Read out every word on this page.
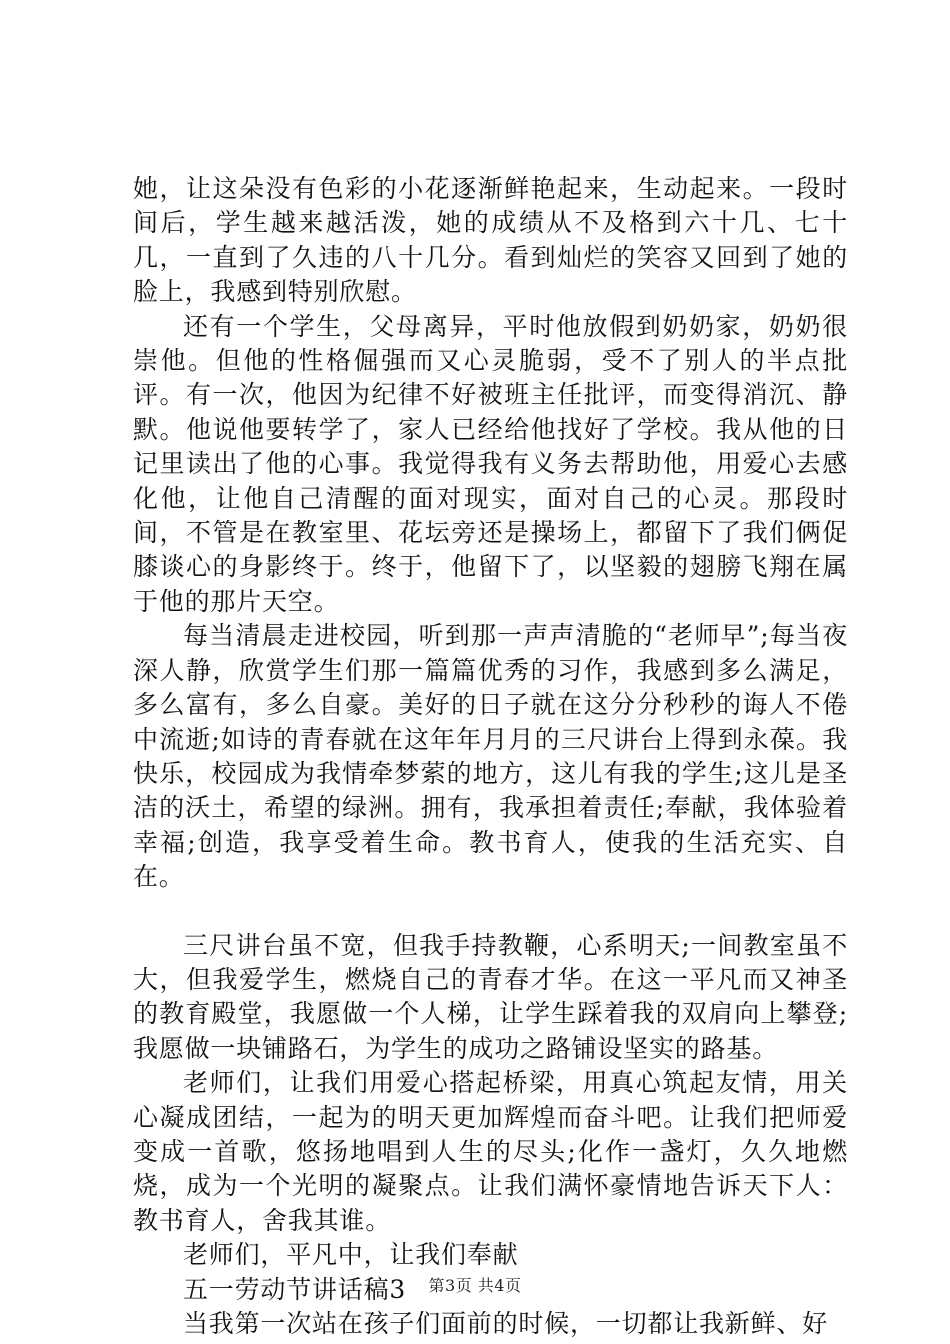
她，让这朵没有色彩的小花逐渐鲜艳起来，生动起来。一段时间后，学生越来越活泼，她的成绩从不及格到六十几、七十几，一直到了久违的八十几分。看到灿烂的笑容又回到了她的脸上，我感到特别欣慰。

还有一个学生，父母离异，平时他放假到奶奶家，奶奶很崇他。但他的性格倔强而又心灵脆弱，受不了别人的半点批评。有一次，他因为纪律不好被班主任批评，而变得消沉、静默。他说他要转学了，家人已经给他找好了学校。我从他的日记里读出了他的心事。我觉得我有义务去帮助他，用爱心去感化他，让他自己清醒的面对现实，面对自己的心灵。那段时间，不管是在教室里、花坛旁还是操场上，都留下了我们俩促膝谈心的身影终于。终于，他留下了，以坚毅的翅膀飞翔在属于他的那片天空。

每当清晨走进校园，听到那一声声清脆的“老师早”;每当夜深人静，欣赏学生们那一篇篇优秀的习作，我感到多么满足，多么富有，多么自豪。美好的日子就在这分分秒秒的诲人不倦中流逝;如诗的青春就在这年年月月的三尺讲台上得到永葆。我快乐，校园成为我情牵梦萦的地方，这儿有我的学生;这儿是圣洁的沃土，希望的绿洲。拥有，我承担着责任;奉献，我体验着幸福;创造，我享受着生命。教书育人，使我的生活充实、自在。

三尺讲台虽不宽，但我手持教鞭，心系明天;一间教室虽不大，但我爱学生，燃烧自己的青春才华。在这一平凡而又神圣的教育殿堂，我愿做一个人梯，让学生踩着我的双肩向上攀登;我愿做一块铺路石，为学生的成功之路铺设坚实的路基。

老师们，让我们用爱心搭起桥梁，用真心筑起友情，用关心凝成团结，一起为的明天更加辉煌而奋斗吧。让我们把师爱变成一首歌，悠扬地唱到人生的尽头;化作一盏灯，久久地燃烧，成为一个光明的凝聚点。让我们满怀豪情地告诉天下人：教书育人，舍我其谁。

老师们，平凡中，让我们奉献

五一劳动节讲话稿3

当我第一次站在孩子们面前的时候，一切都让我新鲜、好

第3页 共4页
